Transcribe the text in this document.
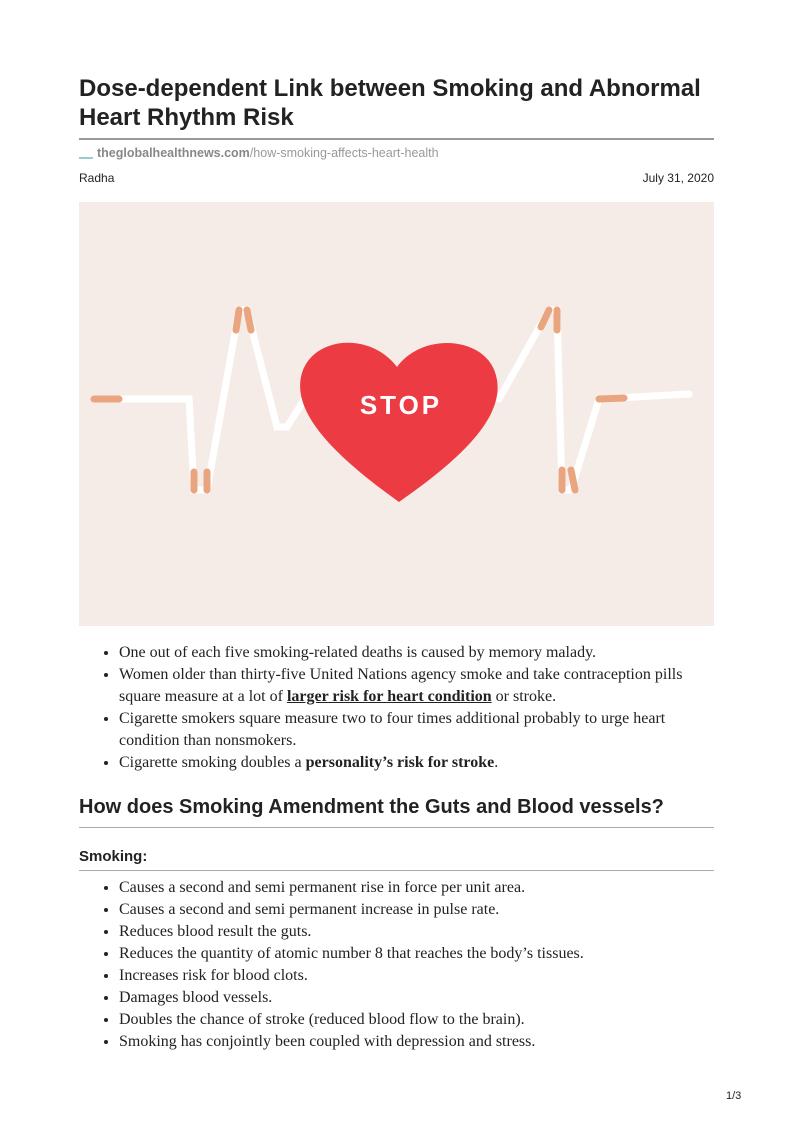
Dose-dependent Link between Smoking and Abnormal Heart Rhythm Risk
theglobalhealthnews.com/how-smoking-affects-heart-health
Radha	July 31, 2020
STOP
• One out of each five smoking-related deaths is caused by memory malady.
• Women older than thirty-five United Nations agency smoke and take contraception pills square measure at a lot of larger risk for heart condition or stroke.
• Cigarette smokers square measure two to four times additional probably to urge heart condition than nonsmokers.
• Cigarette smoking doubles a personality’s risk for stroke.
How does Smoking Amendment the Guts and Blood vessels?
Smoking:
• Causes a second and semi permanent rise in force per unit area.
• Causes a second and semi permanent increase in pulse rate.
• Reduces blood result the guts.
• Reduces the quantity of atomic number 8 that reaches the body’s tissues.
• Increases risk for blood clots.
• Damages blood vessels.
• Doubles the chance of stroke (reduced blood flow to the brain).
• Smoking has conjointly been coupled with depression and stress.
1/3
